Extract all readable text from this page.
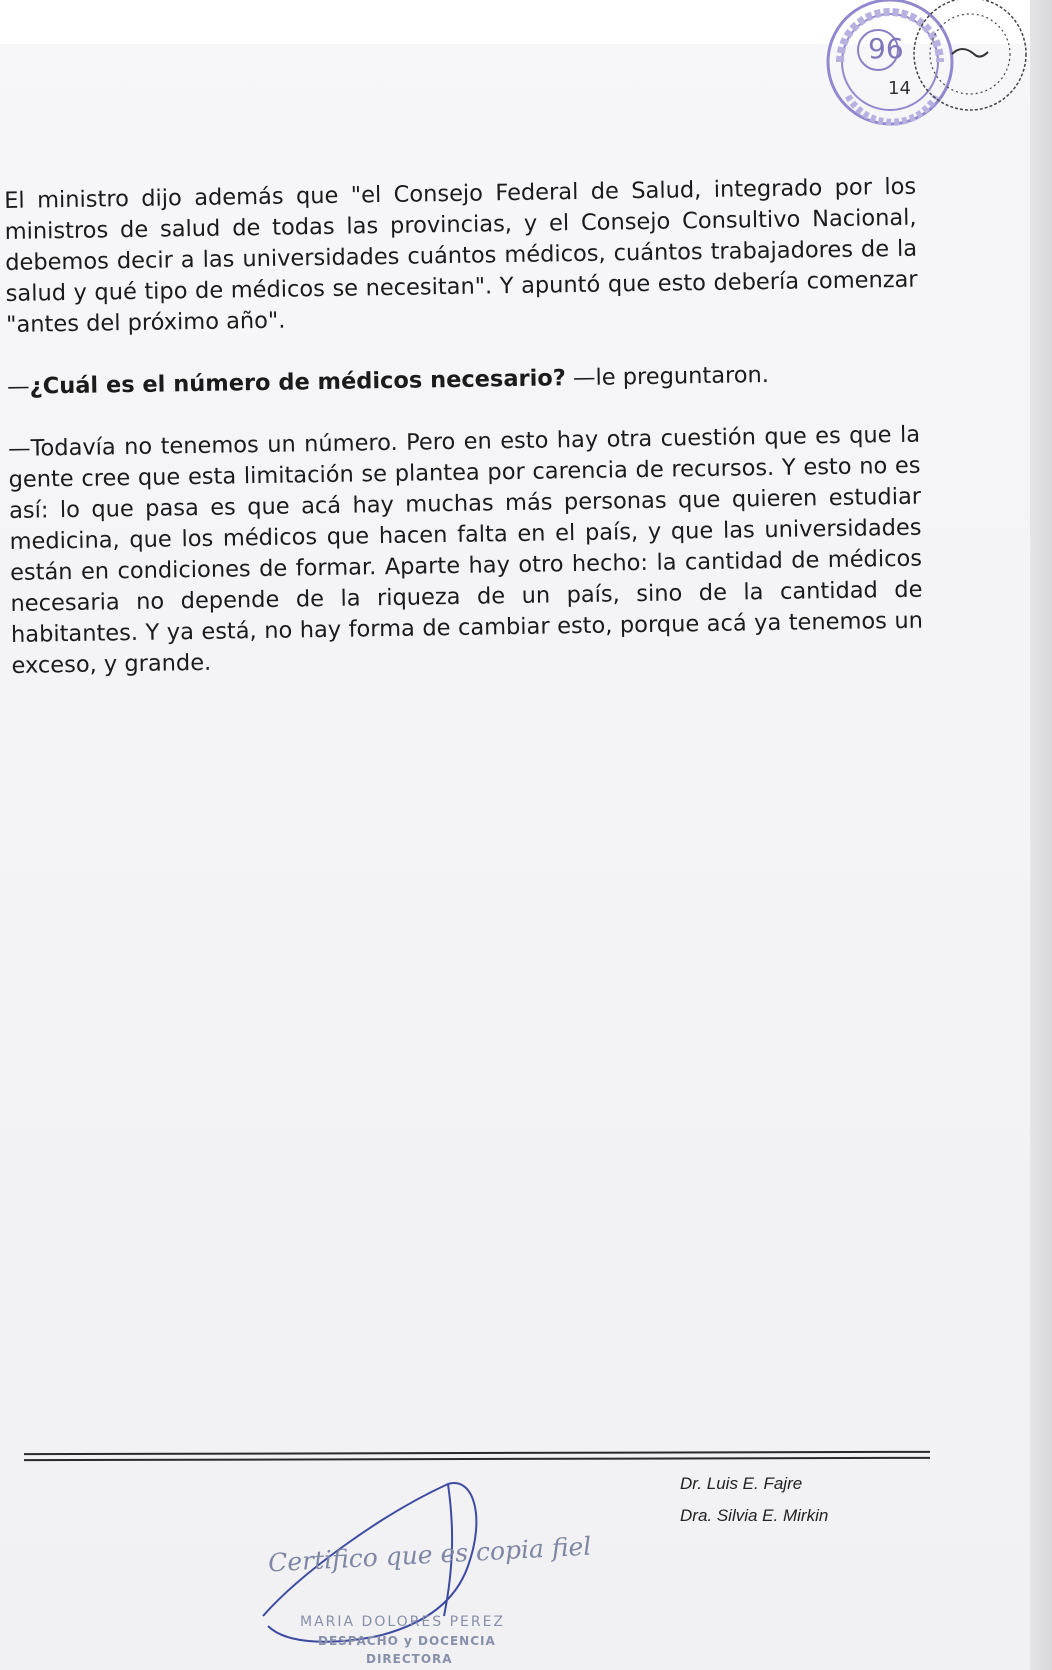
96
14

El ministro dijo además que "el Consejo Federal de Salud, integrado por los ministros de salud de todas las provincias, y el Consejo Consultivo Nacional, debemos decir a las universidades cuántos médicos, cuántos trabajadores de la salud y qué tipo de médicos se necesitan". Y apuntó que esto debería comenzar "antes del próximo año".

—¿Cuál es el número de médicos necesario? —le preguntaron.

—Todavía no tenemos un número. Pero en esto hay otra cuestión que es que la gente cree que esta limitación se plantea por carencia de recursos. Y esto no es así: lo que pasa es que acá hay muchas más personas que quieren estudiar medicina, que los médicos que hacen falta en el país, y que las universidades están en condiciones de formar. Aparte hay otro hecho: la cantidad de médicos necesaria no depende de la riqueza de un país, sino de la cantidad de habitantes. Y ya está, no hay forma de cambiar esto, porque acá ya tenemos un exceso, y grande.

Dr. Luis E. Fajre
Dra. Silvia E. Mirkin
Certifico que es copia fiel
MARIA DOLORES PEREZ
DESPACHO y DOCENCIA
DIRECTORA
